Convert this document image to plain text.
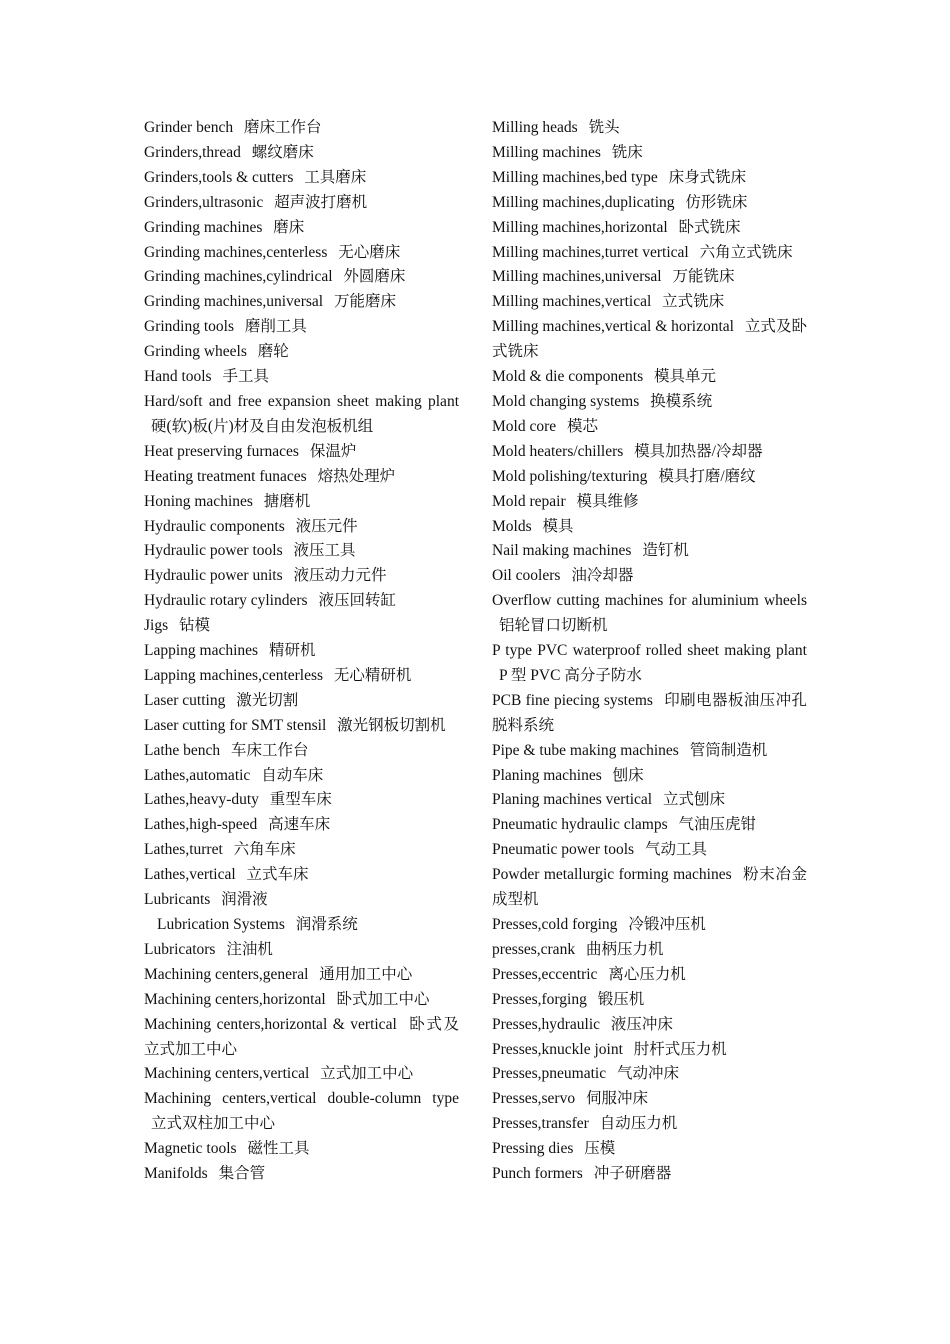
Grinder bench 磨床工作台
Grinders,thread 螺纹磨床
Grinders,tools & cutters 工具磨床
Grinders,ultrasonic 超声波打磨机
Grinding machines 磨床
Grinding machines,centerless 无心磨床
Grinding machines,cylindrical 外圆磨床
Grinding machines,universal 万能磨床
Grinding tools 磨削工具
Grinding wheels 磨轮
Hand tools 手工具
Hard/soft and free expansion sheet making plant 硬(软)板(片)材及自由发泡板机组
Heat preserving furnaces 保温炉
Heating treatment funaces 熔热处理炉
Honing machines 搪磨机
Hydraulic components 液压元件
Hydraulic power tools 液压工具
Hydraulic power units 液压动力元件
Hydraulic rotary cylinders 液压回转缸
Jigs 钻模
Lapping machines 精研机
Lapping machines,centerless 无心精研机
Laser cutting 激光切割
Laser cutting for SMT stensil 激光钢板切割机
Lathe bench 车床工作台
Lathes,automatic 自动车床
Lathes,heavy-duty 重型车床
Lathes,high-speed 高速车床
Lathes,turret 六角车床
Lathes,vertical 立式车床
Lubricants 润滑液
Lubrication Systems 润滑系统
Lubricators 注油机
Machining centers,general 通用加工中心
Machining centers,horizontal 卧式加工中心
Machining centers,horizontal & vertical 卧式及立式加工中心
Machining centers,vertical 立式加工中心
Machining centers,vertical double-column type 立式双柱加工中心
Magnetic tools 磁性工具
Manifolds 集合管
Milling heads 铣头
Milling machines 铣床
Milling machines,bed type 床身式铣床
Milling machines,duplicating 仿形铣床
Milling machines,horizontal 卧式铣床
Milling machines,turret vertical 六角立式铣床
Milling machines,universal 万能铣床
Milling machines,vertical 立式铣床
Milling machines,vertical & horizontal 立式及卧式铣床
Mold & die components 模具单元
Mold changing systems 换模系统
Mold core 模芯
Mold heaters/chillers 模具加热器/冷却器
Mold polishing/texturing 模具打磨/磨纹
Mold repair 模具维修
Molds 模具
Nail making machines 造钉机
Oil coolers 油冷却器
Overflow cutting machines for aluminium wheels 铝轮冒口切断机
P type PVC waterproof rolled sheet making plant P 型 PVC 高分子防水
PCB fine piecing systems 印刷电器板油压冲孔脱料系统
Pipe & tube making machines 管筒制造机
Planing machines 刨床
Planing machines vertical 立式刨床
Pneumatic hydraulic clamps 气油压虎钳
Pneumatic power tools 气动工具
Powder metallurgic forming machines 粉末冶金成型机
Presses,cold forging 冷锻冲压机
presses,crank 曲柄压力机
Presses,eccentric 离心压力机
Presses,forging 锻压机
Presses,hydraulic 液压冲床
Presses,knuckle joint 肘杆式压力机
Presses,pneumatic 气动冲床
Presses,servo 伺服冲床
Presses,transfer 自动压力机
Pressing dies 压模
Punch formers 冲子研磨器
